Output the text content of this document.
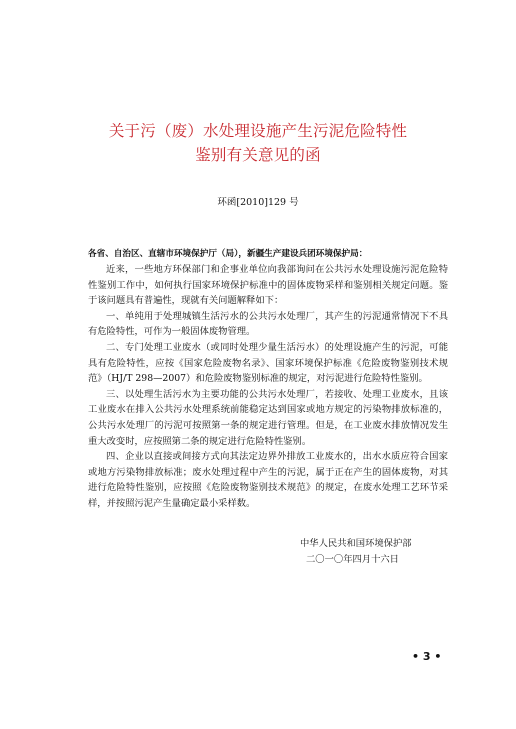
关于污（废）水处理设施产生污泥危险特性
鉴别有关意见的函
环函[2010]129 号
各省、自治区、直辖市环境保护厅（局），新疆生产建设兵团环境保护局：

近来，一些地方环保部门和企事业单位向我部询问在公共污水处理设施污泥危险特性鉴别工作中，如何执行国家环境保护标准中的固体废物采样和鉴别相关规定问题。鉴于该问题具有普遍性，现就有关问题解释如下：

一、单纯用于处理城镇生活污水的公共污水处理厂，其产生的污泥通常情况下不具有危险特性，可作为一般固体废物管理。

二、专门处理工业废水（或同时处理少量生活污水）的处理设施产生的污泥，可能具有危险特性，应按《国家危险废物名录》、国家环境保护标准《危险废物鉴别技术规范》（HJ/T 298—2007）和危险废物鉴别标准的规定，对污泥进行危险特性鉴别。

三、以处理生活污水为主要功能的公共污水处理厂，若接收、处理工业废水，且该工业废水在排入公共污水处理系统前能稳定达到国家或地方规定的污染物排放标准的，公共污水处理厂的污泥可按照第一条的规定进行管理。但是，在工业废水排放情况发生重大改变时，应按照第二条的规定进行危险特性鉴别。

四、企业以直接或间接方式向其法定边界外排放工业废水的，出水水质应符合国家或地方污染物排放标准；废水处理过程中产生的污泥，属于正在产生的固体废物，对其进行危险特性鉴别，应按照《危险废物鉴别技术规范》的规定，在废水处理工艺环节采样，并按照污泥产生量确定最小采样数。

中华人民共和国环境保护部
二〇一〇年四月十六日
• 3 •
